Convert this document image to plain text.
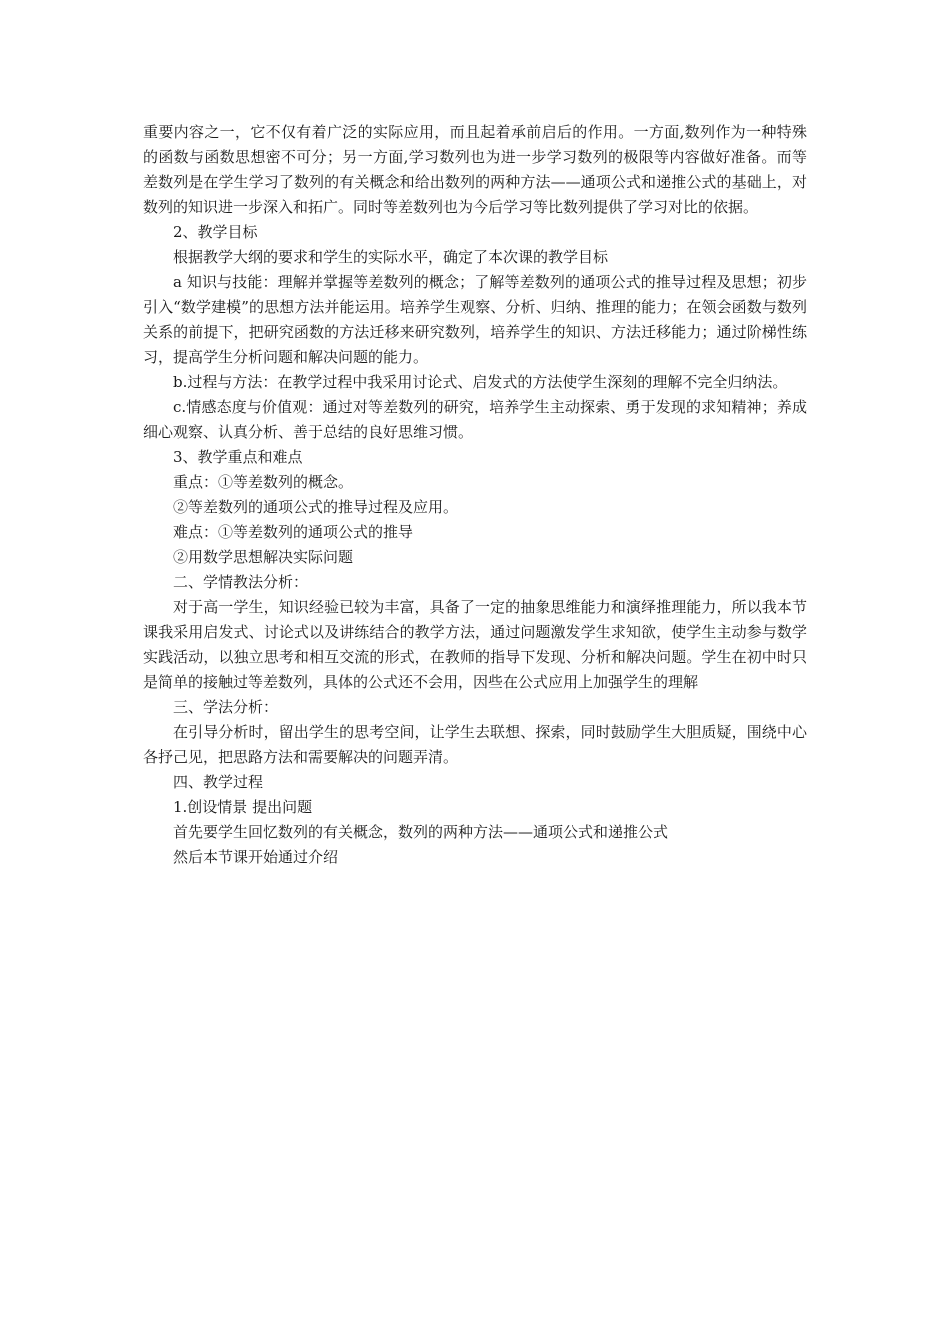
重要内容之一，它不仅有着广泛的实际应用，而且起着承前启后的作用。一方面,数列作为一种特殊的函数与函数思想密不可分；另一方面,学习数列也为进一步学习数列的极限等内容做好准备。而等差数列是在学生学习了数列的有关概念和给出数列的两种方法——通项公式和递推公式的基础上，对数列的知识进一步深入和拓广。同时等差数列也为今后学习等比数列提供了学习对比的依据。

2、教学目标

根据教学大纲的要求和学生的实际水平，确定了本次课的教学目标

a 知识与技能：理解并掌握等差数列的概念；了解等差数列的通项公式的推导过程及思想；初步引入“数学建模”的思想方法并能运用。培养学生观察、分析、归纳、推理的能力；在领会函数与数列关系的前提下，把研究函数的方法迁移来研究数列，培养学生的知识、方法迁移能力；通过阶梯性练习，提高学生分析问题和解决问题的能力。

b.过程与方法：在教学过程中我采用讨论式、启发式的方法使学生深刻的理解不完全归纳法。

c.情感态度与价值观：通过对等差数列的研究，培养学生主动探索、勇于发现的求知精神；养成细心观察、认真分析、善于总结的良好思维习惯。

3、教学重点和难点

重点：①等差数列的概念。

②等差数列的通项公式的推导过程及应用。

难点：①等差数列的通项公式的推导

②用数学思想解决实际问题

二、学情教法分析：

对于高一学生，知识经验已较为丰富，具备了一定的抽象思维能力和演绎推理能力，所以我本节课我采用启发式、讨论式以及讲练结合的教学方法，通过问题激发学生求知欲，使学生主动参与数学实践活动，以独立思考和相互交流的形式，在教师的指导下发现、分析和解决问题。学生在初中时只是简单的接触过等差数列，具体的公式还不会用，因些在公式应用上加强学生的理解

三、学法分析：

在引导分析时，留出学生的思考空间，让学生去联想、探索，同时鼓励学生大胆质疑，围绕中心各抒己见，把思路方法和需要解决的问题弄清。

四、教学过程

1.创设情景 提出问题

首先要学生回忆数列的有关概念，数列的两种方法——通项公式和递推公式

然后本节课开始通过介绍
